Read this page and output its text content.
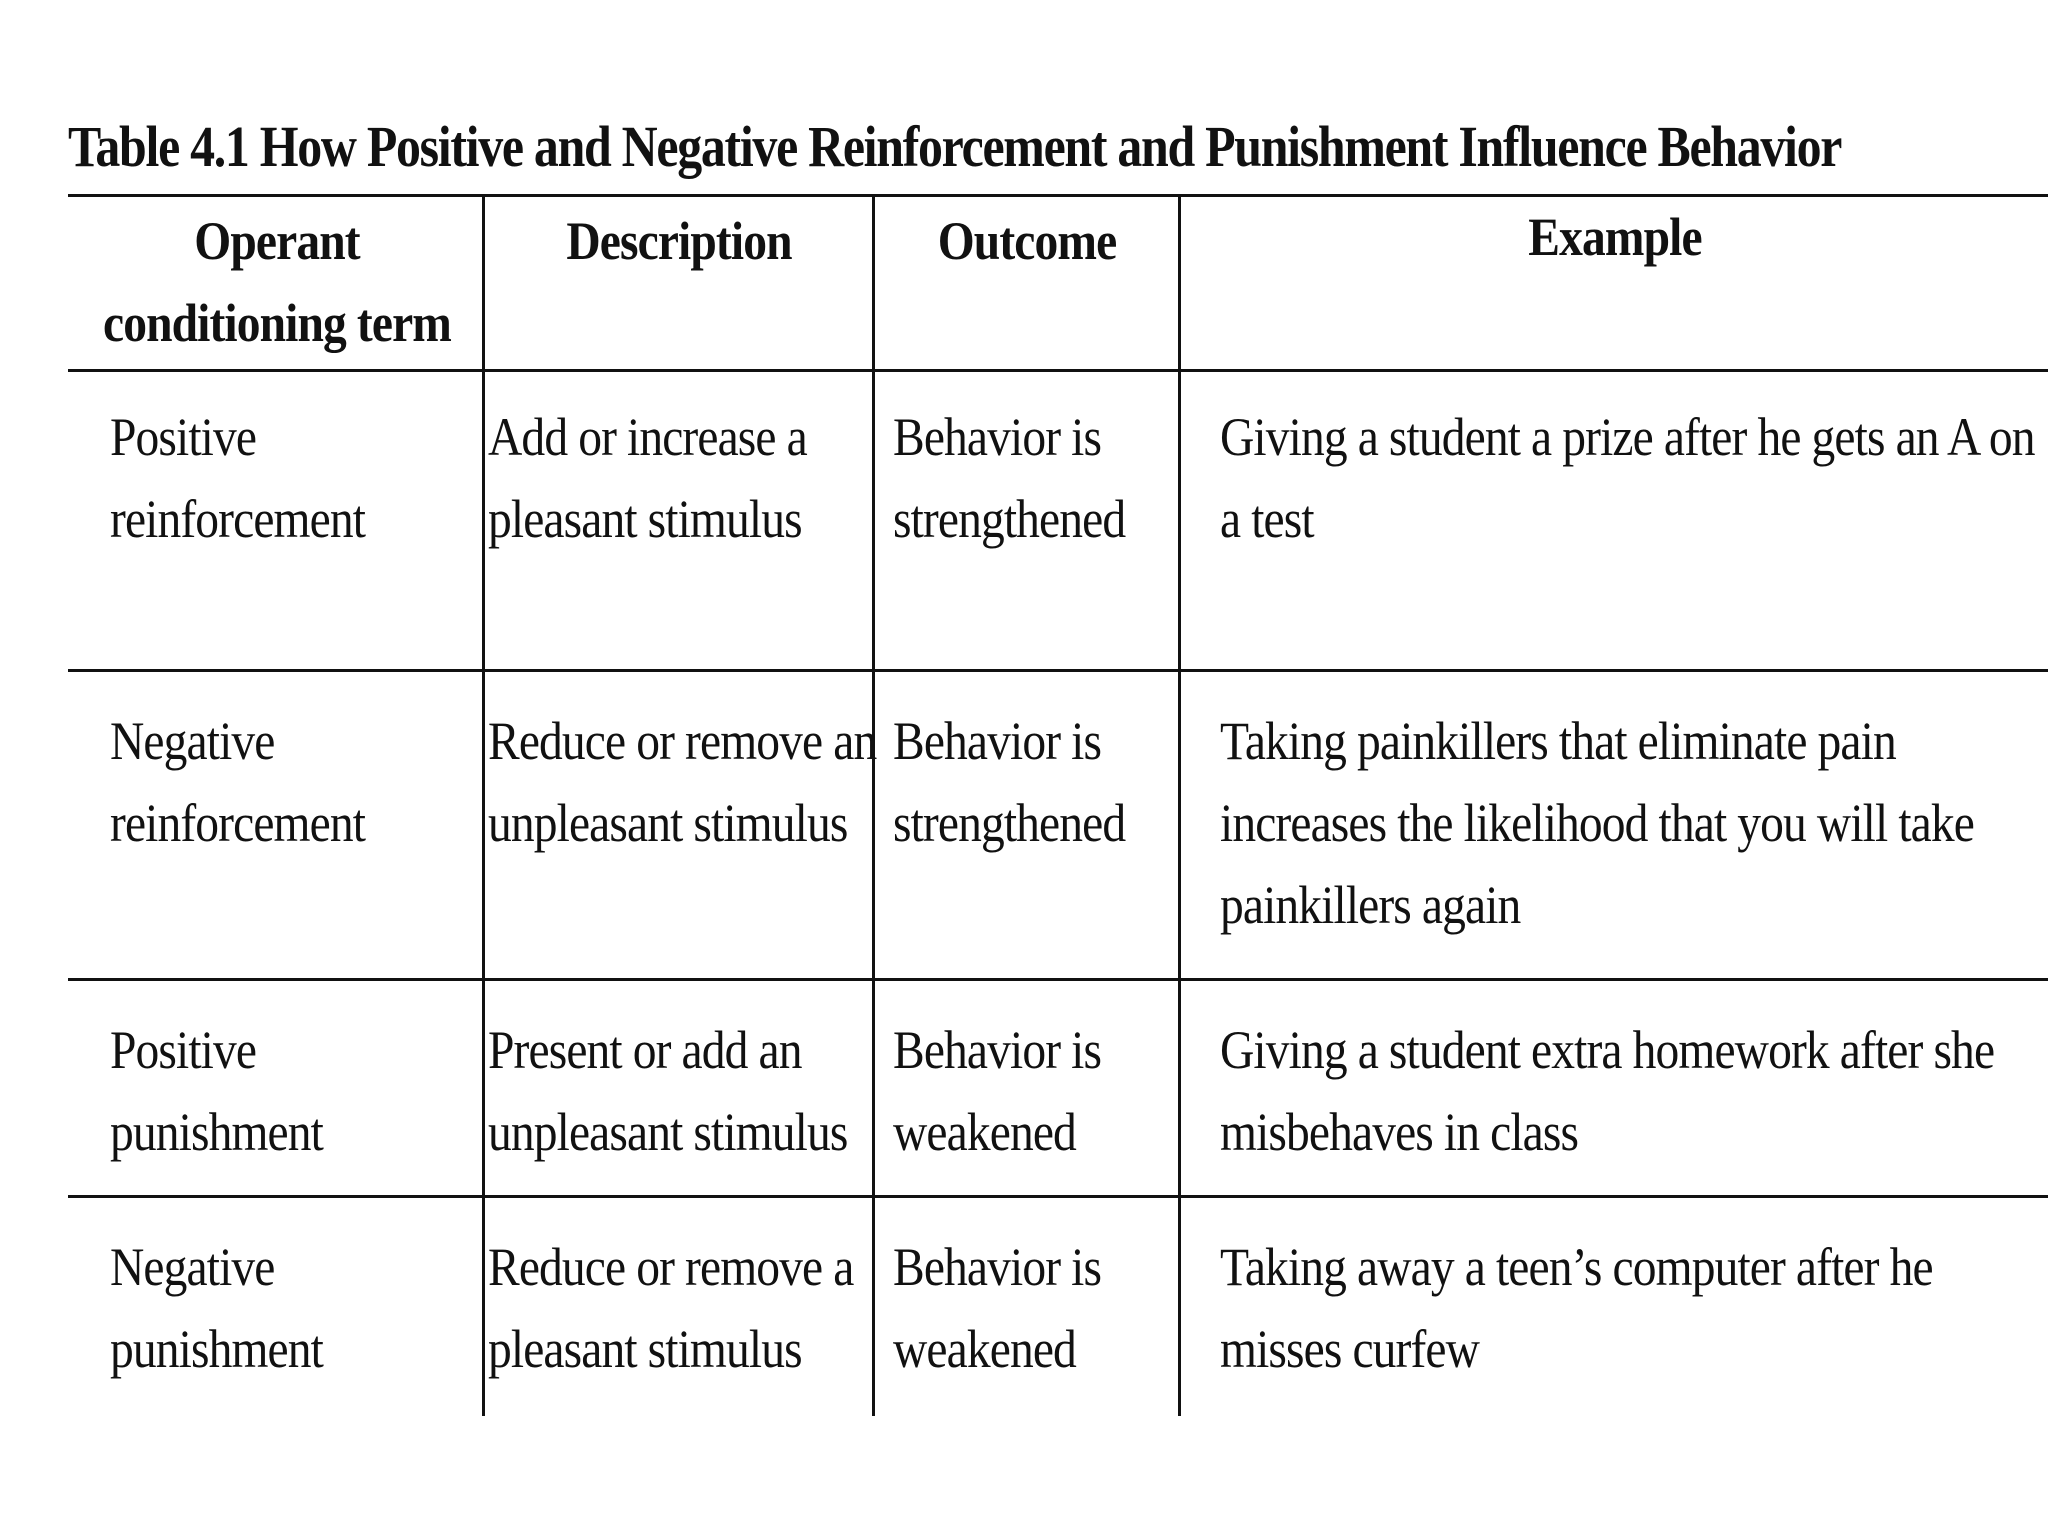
Table 4.1 How Positive and Negative Reinforcement and Punishment Influence Behavior
Operant
conditioning term
Description	Outcome	Example
Positive
reinforcement
Add or increase a
pleasant stimulus
Behavior is
strengthened
Giving a student a prize after he gets an A on
a test
Negative
reinforcement
Reduce or remove an
unpleasant stimulus
Behavior is
strengthened
Taking painkillers that eliminate pain
increases the likelihood that you will take
painkillers again
Positive
punishment
Present or add an
unpleasant stimulus
Behavior is
weakened
Giving a student extra homework after she
misbehaves in class
Negative
punishment
Reduce or remove a
pleasant stimulus
Behavior is
weakened
Taking away a teen’s computer after he
misses curfew
